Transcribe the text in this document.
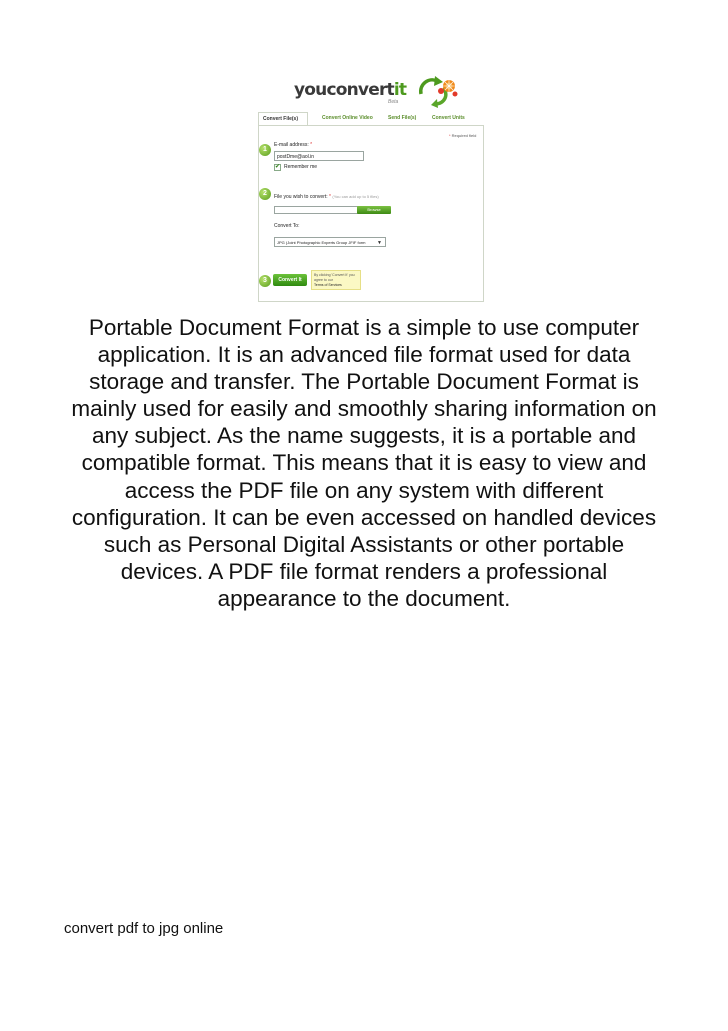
youconvertit
Beta
Convert File(s)	Convert Online Video	Send File(s)	Convert Units
* Required field
1
E-mail address: *
postDme@aol.in
✔ Remember me
2	File you wish to convert: * (You can add up to 5 files)
Browse
Convert To:
JPG (Joint Photographic Experts Group JFIF form	▼
3	Convert It
By clicking 'Convert It' you agree to our
Terms of Services
Portable Document Format is a simple to use computer application. It is an advanced file format used for data storage and transfer. The Portable Document Format is mainly used for easily and smoothly sharing information on any subject. As the name suggests, it is a portable and compatible format. This means that it is easy to view and access the PDF file on any system with different configuration. It can be even accessed on handled devices such as Personal Digital Assistants or other portable devices. A PDF file format renders a professional appearance to the document.
convert pdf to jpg online
